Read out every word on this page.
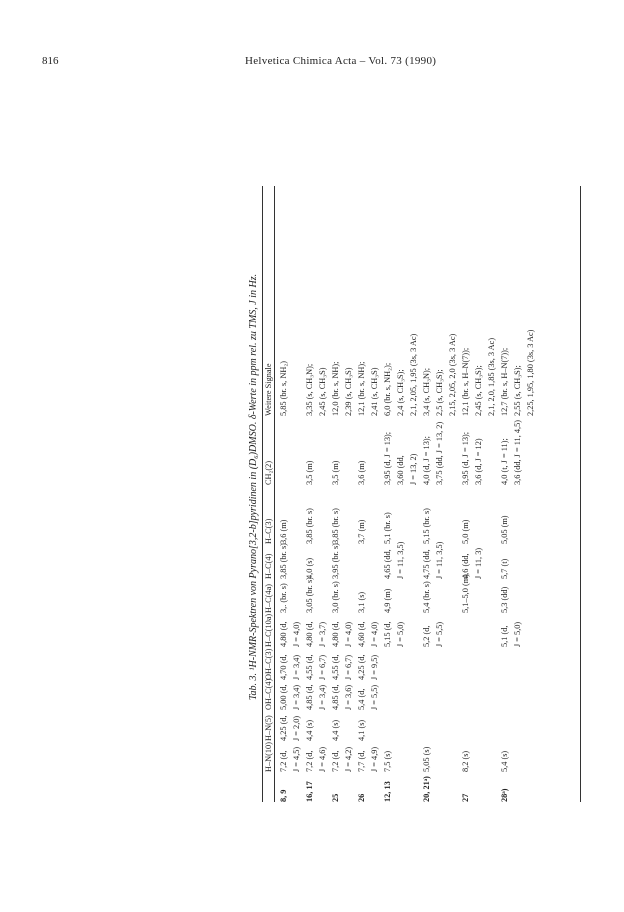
816	Helvetica Chimica Acta – Vol. 73 (1990)
Tab. 3. ¹H-NMR-Spektren von Pyrano[3,2-b]pyridinen in (D₆)DMSO. δ-Werte in ppm rel. zu TMS, J in Hz.
H–N(10)
H–N(5)
OH–C(4)
OH–C(3)
H–C(10a)
H–C(4a)
H–C(4)
H–C(3)
CH₂(2)
Weitere Signale
8, 9
7,2 (d, J = 4,5)
4,25 (d, J = 2,0)
5,00 (d, J = 3,4)
4,70 (d, J = 3,4)
4,80 (d, J = 4,0)
3,. (br. s)
3,85 (br. s)
3,6 (m)
5,85 (br. s, NH₂)
16, 17
7,2 (d, J = 4,6)
4,4 (s)
4,85 (d, J = 3,4)
4,55 (d, J = 6,7)
4,80 (d, J = 3,7)
3,05 (br. s)
4,0 (s)
3,85 (br. s)
3,5 (m)
3,35 (s, CH₃N); 2,45 (s, CH₃S)
25
7,2 (d, J = 4,2)
4,4 (s)
4,85 (d, J = 3,6)
4,55 (d, J = 6,7)
4,80 (d, J = 4,0)
3,0 (br. s)
3,95 (br. s)
3,85 (br. s)
3,5 (m)
12,0 (br. s, NH); 2,39 (s, CH₃S)
26
7,7 (d, J = 4,9)
4,1 (s)
5,4 (d, J = 5,5)
4,25 (d, J = 9,5)
4,60 (d, J = 4,0)
3,1 (s)
3,7 (m)
3,6 (m)
12,1 (br. s, NH); 2,41 (s, CH₃S)
12, 13
7,5 (s)
5,15 (d, J = 5,0)
4,9 (m)
4,65 (dd, J = 11, 3,5)
5,1 (br. s)
3,95 (d, J = 13); 3,60 (dd, J = 13, 2)
6,0 (br. s, NH₂); 2,4 (s, CH₃S); 2,1, 2,05, 1,95 (3s, 3 Ac)
20, 21ᵃ)
5,05 (s)
5,2 (d, J = 5,5)
5,4 (br. s)
4,75 (dd, J = 11, 3,5)
5,15 (br. s)
4,0 (d, J = 13); 3,75 (dd, J = 13, 2)
3,4 (s, CH₃N); 2,5 (s, CH₃S); 2,15, 2,05, 2,0 (3s, 3 Ac)
27
8,2 (s)
5,1–5,0 (m)
4,6 (dd, J = 11, 3)
5,0 (m)
3,95 (d, J = 13); 3,6 (d, J = 12)
12,1 (br. s, H–N(7)); 2,45 (s, CH₃S); 2,1, 2,0, 1,85 (3s, 3 Ac)
28ᵃ)
5,4 (s)
5,1 (d, J = 5,0)
5,3 (dd)
5,7 (t)
5,05 (m)
4,0 (t, J = 11); 3,6 (dd, J = 11, 4,5)
12,7 (br. s, H–N(7)); 2,55 (s, CH₃S); 2,25, 1,95, 1,80 (3s, 3 Ac)
